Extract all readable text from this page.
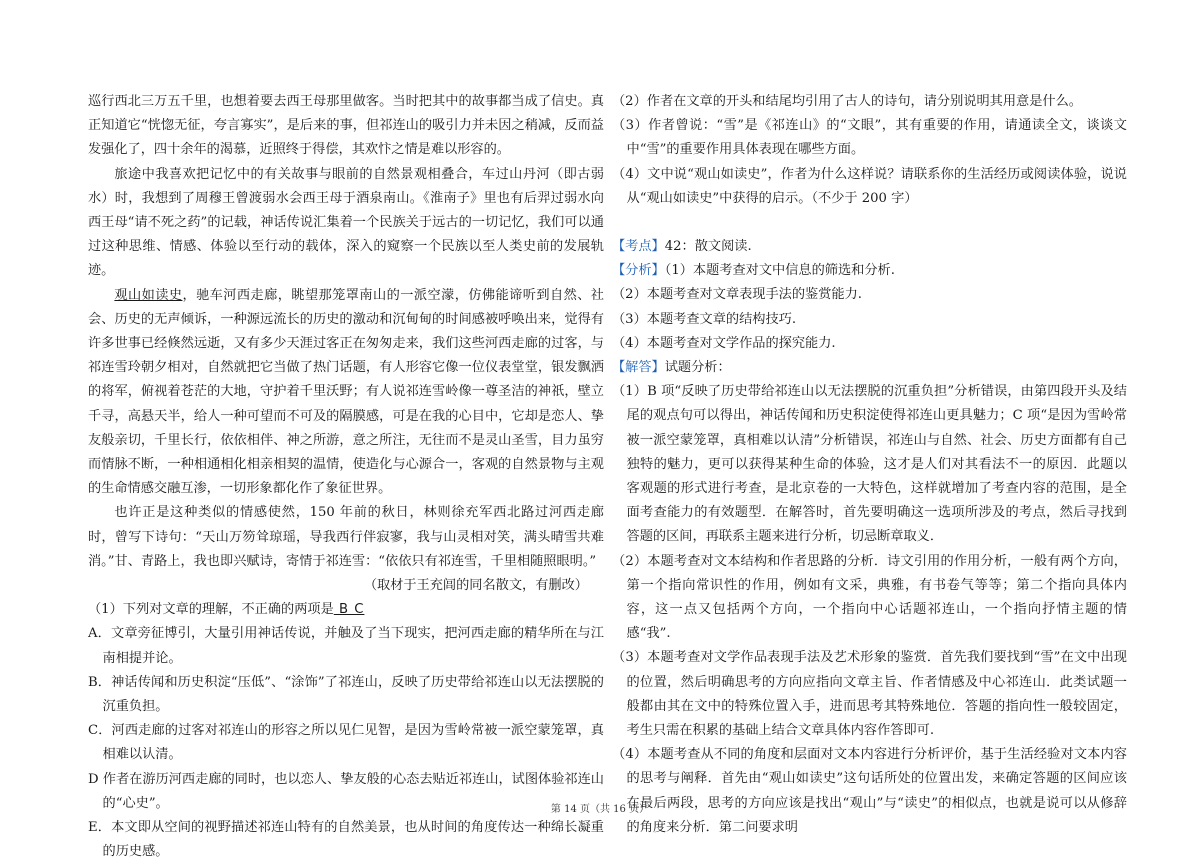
巡行西北三万五千里，也想着要去西王母那里做客。当时把其中的故事都当成了信史。真正知道它“恍惚无征，夸言寡实”，是后来的事，但祁连山的吸引力并未因之稍减，反而益发强化了，四十余年的渴慕，近照终于得偿，其欢忭之情是难以形容的。
旅途中我喜欢把记忆中的有关故事与眼前的自然景观相叠合，车过山丹河（即古弱水）时，我想到了周穆王曾渡弱水会西王母于酒泉南山。《淮南子》里也有后羿过弱水向西王母“请不死之药”的记载，神话传说汇集着一个民族关于远古的一切记忆，我们可以通过这种思维、情感、体验以至行动的载体，深入的窥察一个民族以至人类史前的发展轨迹。
观山如读史，驰车河西走廊，眺望那笼罩南山的一派空濛，仿佛能谛听到自然、社会、历史的无声倾诉，一种源远流长的历史的激动和沉甸甸的时间感被呼唤出来，觉得有许多世事已经倏然远逝，又有多少天涯过客正在匆匆走来，我们这些河西走廊的过客，与祁连雪玲朝夕相对，自然就把它当做了热门话题，有人形容它像一位仪表堂堂，银发飘洒的将军，俯视着苍茫的大地，守护着千里沃野；有人说祁连雪岭像一尊圣洁的神祇，壁立千寻，高悬天半，给人一种可望而不可及的隔膜感，可是在我的心目中，它却是恋人、挚友般亲切，千里长行，依依相伴、神之所游，意之所注，无往而不是灵山圣雪，目力虽穷而情脉不断，一种相通相化相亲相契的温情，使造化与心源合一，客观的自然景物与主观的生命情感交融互渗，一切形象都化作了象征世界。
也许正是这种类似的情感使然，150 年前的秋日，林则徐充军西北路过河西走廊时，曾写下诗句：“天山万笏耸琼瑶，导我西行伴寂寥，我与山灵相对笑，满头晴雪共难消。”甘、青路上，我也即兴赋诗，寄情于祁连雪：“依依只有祁连雪，千里相随照眼明。”
（取材于王充闾的同名散文，有删改）
（1）下列对文章的理解，不正确的两项是 B C
A．文章旁征博引，大量引用神话传说，并触及了当下现实，把河西走廊的精华所在与江南相提并论。
B．神话传闻和历史积淀“压低”、“涂饰”了祁连山，反映了历史带给祁连山以无法摆脱的沉重负担。
C．河西走廊的过客对祁连山的形容之所以见仁见智，是因为雪岭常被一派空蒙笼罩，真相难以认清。
D 作者在游历河西走廊的同时，也以恋人、挚友般的心态去贴近祁连山，试图体验祁连山的“心史”。
E．本文即从空间的视野描述祁连山特有的自然美景，也从时间的角度传达一种绵长凝重的历史感。
（2）作者在文章的开头和结尾均引用了古人的诗句，请分别说明其用意是什么。
（3）作者曾说：“雪”是《祁连山》的“文眼”，其有重要的作用，请通读全文，谈谈文中“雪”的重要作用具体表现在哪些方面。
（4）文中说“观山如读史”，作者为什么这样说？请联系你的生活经历或阅读体验，说说从“观山如读史”中获得的启示。（不少于 200 字）
【考点】42：散文阅读.
【分析】（1）本题考查对文中信息的筛选和分析.
（2）本题考查对文章表现手法的鉴赏能力.
（3）本题考查文章的结构技巧.
（4）本题考查对文学作品的探究能力.
【解答】试题分析：
（1）B 项“反映了历史带给祁连山以无法摆脱的沉重负担”分析错误，由第四段开头及结尾的观点句可以得出，神话传闻和历史积淀使得祁连山更具魅力；C 项“是因为雪岭常被一派空蒙笼罩，真相难以认清”分析错误，祁连山与自然、社会、历史方面都有自己独特的魅力，更可以获得某种生命的体验，这才是人们对其看法不一的原因．此题以客观题的形式进行考查，是北京卷的一大特色，这样就增加了考查内容的范围，是全面考查能力的有效题型．在解答时，首先要明确这一选项所涉及的考点，然后寻找到答题的区间，再联系主题来进行分析，切忌断章取义．
（2）本题考查对文本结构和作者思路的分析．诗文引用的作用分析，一般有两个方向，第一个指向常识性的作用，例如有文采，典雅，有书卷气等等；第二个指向具体内容，这一点又包括两个方向，一个指向中心话题祁连山，一个指向抒情主题的情感“我”.
（3）本题考查对文学作品表现手法及艺术形象的鉴赏．首先我们要找到“雪”在文中出现的位置，然后明确思考的方向应指向文章主旨、作者情感及中心祁连山．此类试题一般都由其在文中的特殊位置入手，进而思考其特殊地位．答题的指向性一般较固定，考生只需在积累的基础上结合文章具体内容作答即可.
（4）本题考查从不同的角度和层面对文本内容进行分析评价，基于生活经验对文本内容的思考与阐释．首先由“观山如读史”这句话所处的位置出发，来确定答题的区间应该在最后两段，思考的方向应该是找出“观山”与“读史”的相似点，也就是说可以从修辞的角度来分析．第二问要求明
第 14 页（共 16 页）
